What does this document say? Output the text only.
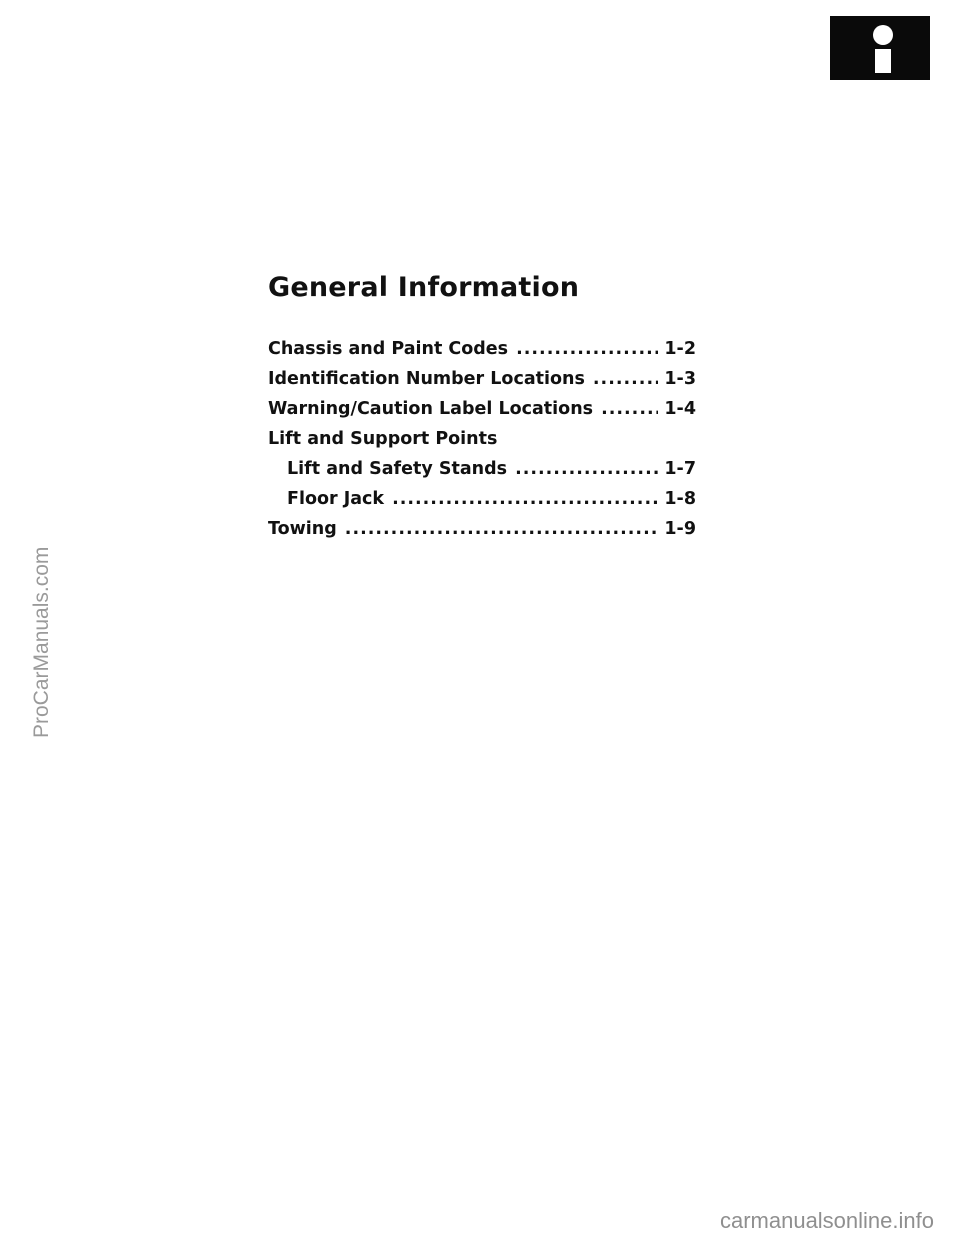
General Information
Chassis and Paint Codes .....	1-2
Identification Number Locations .....	1-3
Warning/Caution Label Locations .....	1-4
Lift and Support Points
Lift and Safety Stands .....	1-7
Floor Jack .....	1-8
Towing .....	1-9
ProCarManuals.com
carmanualsonline.info
